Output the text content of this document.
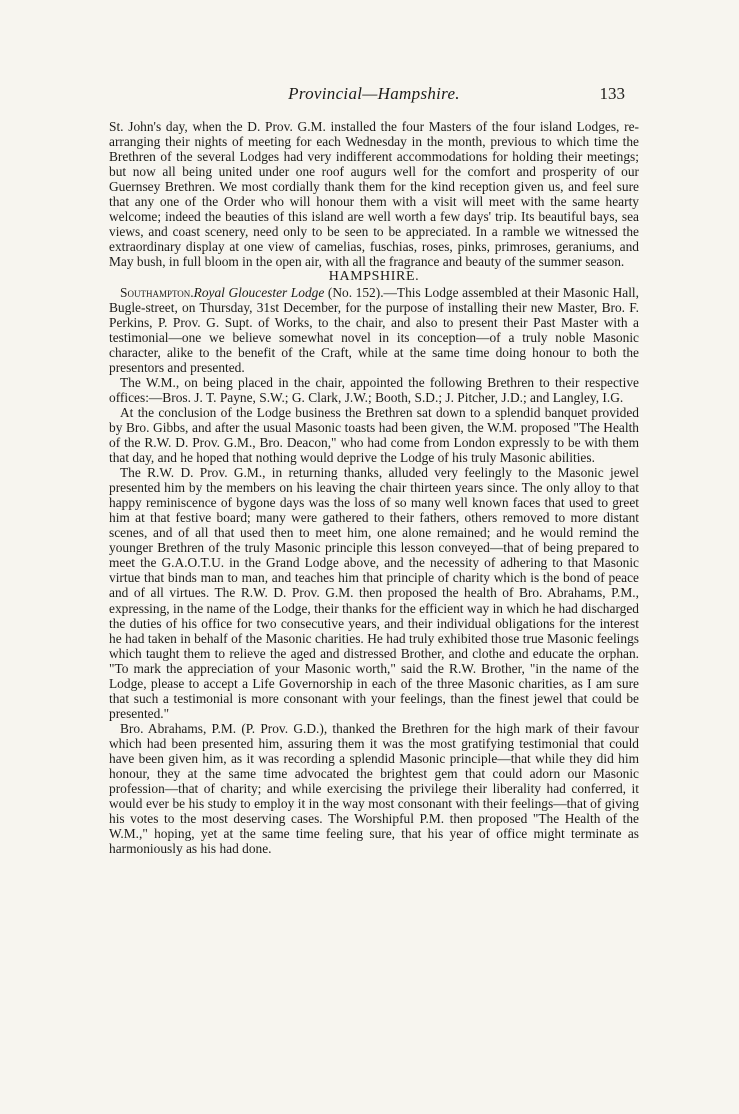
Provincial—Hampshire.	133

St. John's day, when the D. Prov. G.M. installed the four Masters of the four island Lodges, re-arranging their nights of meeting for each Wednesday in the month, previous to which time the Brethren of the several Lodges had very indifferent accommodations for holding their meetings; but now all being united under one roof augurs well for the comfort and prosperity of our Guernsey Brethren. We most cordially thank them for the kind reception given us, and feel sure that any one of the Order who will honour them with a visit will meet with the same hearty welcome; indeed the beauties of this island are well worth a few days' trip. Its beautiful bays, sea views, and coast scenery, need only to be seen to be appreciated. In a ramble we witnessed the extraordinary display at one view of camelias, fuschias, roses, pinks, primroses, geraniums, and May bush, in full bloom in the open air, with all the fragrance and beauty of the summer season.

HAMPSHIRE.

Southampton.Royal Gloucester Lodge (No. 152).—This Lodge assembled at their Masonic Hall, Bugle-street, on Thursday, 31st December, for the purpose of installing their new Master, Bro. F. Perkins, P. Prov. G. Supt. of Works, to the chair, and also to present their Past Master with a testimonial—one we believe somewhat novel in its conception—of a truly noble Masonic character, alike to the benefit of the Craft, while at the same time doing honour to both the presentors and presented.

The W.M., on being placed in the chair, appointed the following Brethren to their respective offices:—Bros. J. T. Payne, S.W.; G. Clark, J.W.; Booth, S.D.; J. Pitcher, J.D.; and Langley, I.G.

At the conclusion of the Lodge business the Brethren sat down to a splendid banquet provided by Bro. Gibbs, and after the usual Masonic toasts had been given, the W.M. proposed "The Health of the R.W. D. Prov. G.M., Bro. Deacon," who had come from London expressly to be with them that day, and he hoped that nothing would deprive the Lodge of his truly Masonic abilities.

The R.W. D. Prov. G.M., in returning thanks, alluded very feelingly to the Masonic jewel presented him by the members on his leaving the chair thirteen years since. The only alloy to that happy reminiscence of bygone days was the loss of so many well known faces that used to greet him at that festive board; many were gathered to their fathers, others removed to more distant scenes, and of all that used then to meet him, one alone remained; and he would remind the younger Brethren of the truly Masonic principle this lesson conveyed—that of being prepared to meet the G.A.O.T.U. in the Grand Lodge above, and the necessity of adhering to that Masonic virtue that binds man to man, and teaches him that principle of charity which is the bond of peace and of all virtues. The R.W. D. Prov. G.M. then proposed the health of Bro. Abrahams, P.M., expressing, in the name of the Lodge, their thanks for the efficient way in which he had discharged the duties of his office for two consecutive years, and their individual obligations for the interest he had taken in behalf of the Masonic charities. He had truly exhibited those true Masonic feelings which taught them to relieve the aged and distressed Brother, and clothe and educate the orphan. "To mark the appreciation of your Masonic worth," said the R.W. Brother, "in the name of the Lodge, please to accept a Life Governorship in each of the three Masonic charities, as I am sure that such a testimonial is more consonant with your feelings, than the finest jewel that could be presented."

Bro. Abrahams, P.M. (P. Prov. G.D.), thanked the Brethren for the high mark of their favour which had been presented him, assuring them it was the most gratifying testimonial that could have been given him, as it was recording a splendid Masonic principle—that while they did him honour, they at the same time advocated the brightest gem that could adorn our Masonic profession—that of charity; and while exercising the privilege their liberality had conferred, it would ever be his study to employ it in the way most consonant with their feelings—that of giving his votes to the most deserving cases. The Worshipful P.M. then proposed "The Health of the W.M.," hoping, yet at the same time feeling sure, that his year of office might terminate as harmoniously as his had done.
